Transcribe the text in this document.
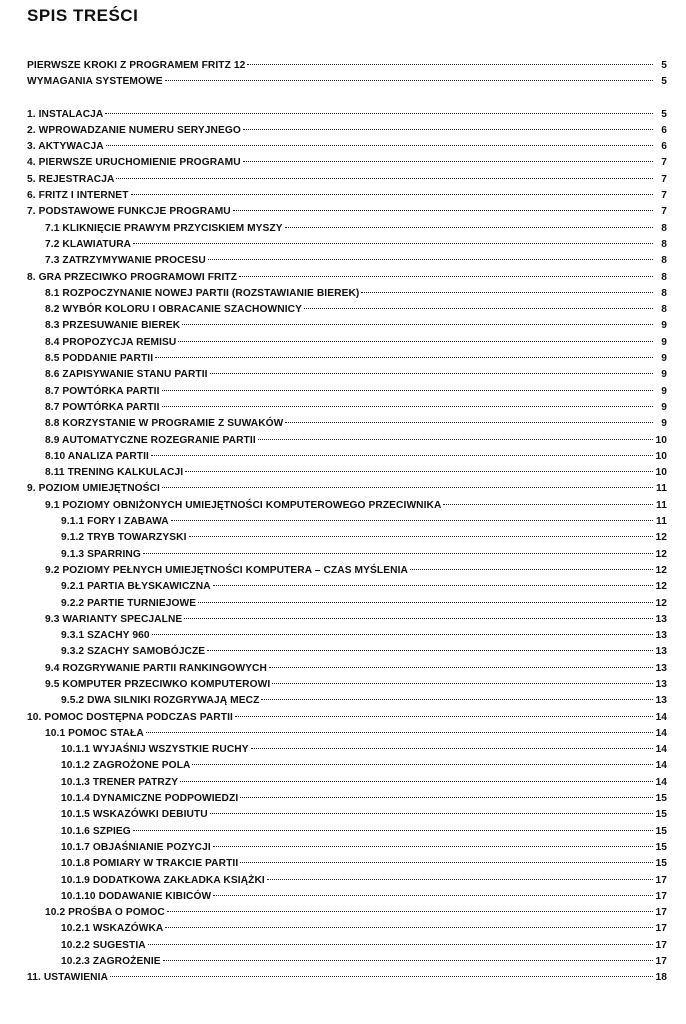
SPIS TREŚCI
PIERWSZE KROKI Z PROGRAMEM FRITZ 12	5
WYMAGANIA SYSTEMOWE	5
1. INSTALACJA	5
2. WPROWADZANIE NUMERU SERYJNEGO	6
3. AKTYWACJA	6
4. PIERWSZE URUCHOMIENIE PROGRAMU	7
5. REJESTRACJA	7
6. FRITZ I INTERNET	7
7. PODSTAWOWE FUNKCJE PROGRAMU	7
7.1 KLIKNIĘCIE PRAWYM PRZYCISKIEM MYSZY	8
7.2 KLAWIATURA	8
7.3 ZATRZYMYWANIE PROCESU	8
8. GRA PRZECIWKO PROGRAMOWI FRITZ	8
8.1 ROZPOCZYNANIE NOWEJ PARTII (ROZSTAWIANIE BIEREK)	8
8.2 WYBÓR KOLORU I OBRACANIE SZACHOWNICY	8
8.3 PRZESUWANIE BIEREK	9
8.4 PROPOZYCJA REMISU	9
8.5 PODDANIE PARTII	9
8.6 ZAPISYWANIE STANU PARTII	9
8.7 POWTÓRKA PARTII	9
8.7 POWTÓRKA PARTII	9
8.8 KORZYSTANIE W PROGRAMIE Z SUWAKÓW	9
8.9 AUTOMATYCZNE ROZEGRANIE PARTII	10
8.10 ANALIZA PARTII	10
8.11 TRENING KALKULACJI	10
9. POZIOM UMIEJĘTNOŚCI	11
9.1 POZIOMY OBNIŻONYCH UMIEJĘTNOŚCI KOMPUTEROWEGO PRZECIWNIKA	11
9.1.1 FORY I ZABAWA	11
9.1.2 TRYB TOWARZYSKI	12
9.1.3 SPARRING	12
9.2 POZIOMY PEŁNYCH UMIEJĘTNOŚCI KOMPUTERA – CZAS MYŚLENIA	12
9.2.1 PARTIA BŁYSKAWICZNA	12
9.2.2 PARTIE TURNIEJOWE	12
9.3 WARIANTY SPECJALNE	13
9.3.1 SZACHY 960	13
9.3.2 SZACHY SAMOBÓJCZE	13
9.4 ROZGRYWANIE PARTII RANKINGOWYCH	13
9.5 KOMPUTER PRZECIWKO KOMPUTEROWI	13
9.5.2 DWA SILNIKI ROZGRYWAJĄ MECZ	13
10. POMOC DOSTĘPNA PODCZAS PARTII	14
10.1 POMOC STAŁA	14
10.1.1 WYJAŚNIJ WSZYSTKIE RUCHY	14
10.1.2 ZAGROŻONE POLA	14
10.1.3 TRENER PATRZY	14
10.1.4 DYNAMICZNE PODPOWIEDZI	15
10.1.5 WSKAZÓWKI DEBIUTU	15
10.1.6 SZPIEG	15
10.1.7 OBJAŚNIANIE POZYCJI	15
10.1.8 POMIARY W TRAKCIE PARTII	15
10.1.9 DODATKOWA ZAKŁADKA KSIĄŻKI	17
10.1.10 DODAWANIE KIBICÓW	17
10.2 PROŚBA O POMOC	17
10.2.1 WSKAZÓWKA	17
10.2.2 SUGESTIA	17
10.2.3 ZAGROŻENIE	17
11. USTAWIENIA	18
